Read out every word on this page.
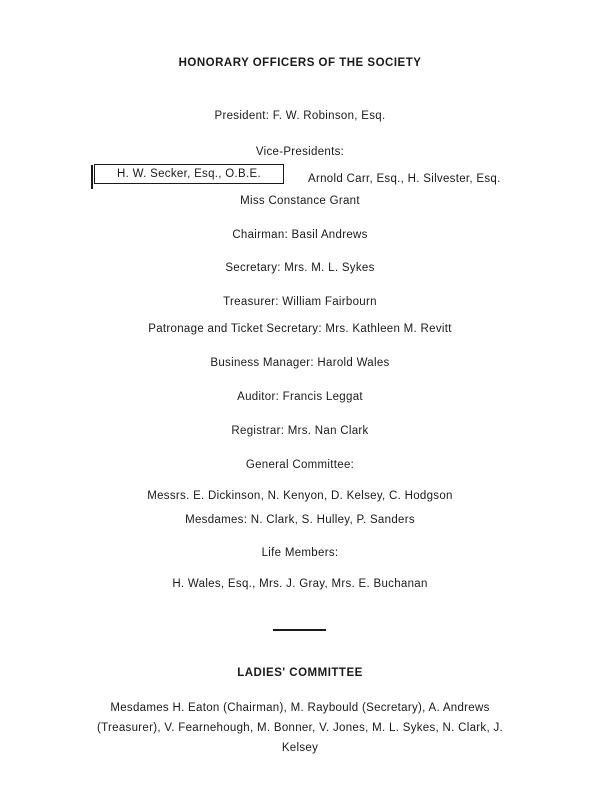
HONORARY OFFICERS OF THE SOCIETY
President: F. W. Robinson, Esq.
Vice-Presidents:
H. W. Secker, Esq., O.B.E.	Arnold Carr, Esq., H. Silvester, Esq.
Miss Constance Grant
Chairman: Basil Andrews
Secretary: Mrs. M. L. Sykes
Treasurer: William Fairbourn
Patronage and Ticket Secretary: Mrs. Kathleen M. Revitt
Business Manager: Harold Wales
Auditor: Francis Leggat
Registrar: Mrs. Nan Clark
General Committee:
Messrs. E. Dickinson, N. Kenyon, D. Kelsey, C. Hodgson
Mesdames: N. Clark, S. Hulley, P. Sanders
Life Members:
H. Wales, Esq., Mrs. J. Gray, Mrs. E. Buchanan
LADIES' COMMITTEE
Mesdames H. Eaton (Chairman), M. Raybould (Secretary), A. Andrews (Treasurer), V. Fearnehough, M. Bonner, V. Jones, M. L. Sykes, N. Clark, J. Kelsey
